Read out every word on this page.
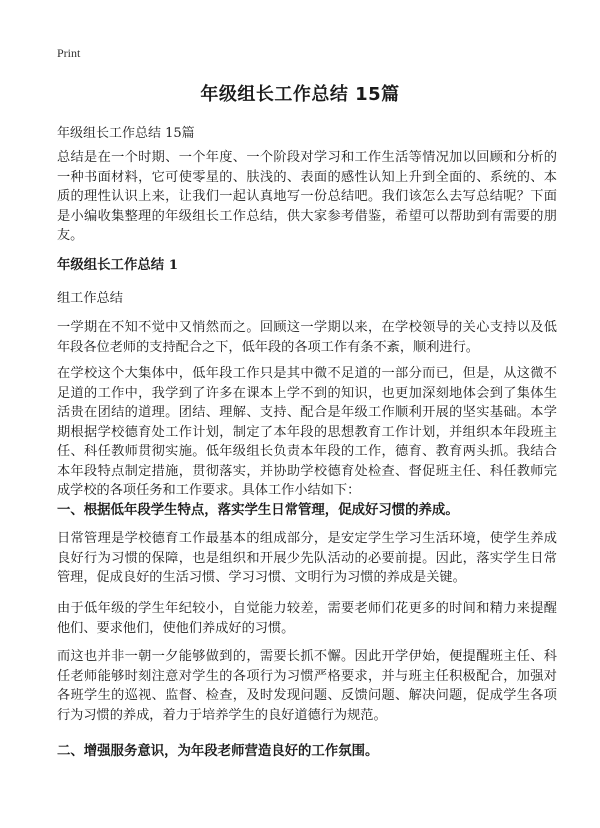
Print
年级组长工作总结 15篇
年级组长工作总结 15篇

总结是在一个时期、一个年度、一个阶段对学习和工作生活等情况加以回顾和分析的一种书面材料，它可使零星的、肤浅的、表面的感性认知上升到全面的、系统的、本质的理性认识上来，让我们一起认真地写一份总结吧。我们该怎么去写总结呢？下面是小编收集整理的年级组长工作总结，供大家参考借鉴，希望可以帮助到有需要的朋友。

年级组长工作总结 1
组工作总结

一学期在不知不觉中又悄然而之。回顾这一学期以来，在学校领导的关心支持以及低年段各位老师的支持配合之下，低年段的各项工作有条不紊，顺利进行。

在学校这个大集体中，低年段工作只是其中微不足道的一部分而已，但是，从这微不足道的工作中，我学到了许多在课本上学不到的知识，也更加深刻地体会到了集体生活贵在团结的道理。团结、理解、支持、配合是年级工作顺利开展的坚实基础。本学期根据学校德育处工作计划，制定了本年段的思想教育工作计划，并组织本年段班主任、科任教师贯彻实施。低年级组长负责本年段的工作，德育、教育两头抓。我结合本年段特点制定措施，贯彻落实，并协助学校德育处检查、督促班主任、科任教师完成学校的各项任务和工作要求。具体工作小结如下：

一、根据低年段学生特点，落实学生日常管理，促成好习惯的养成。

日常管理是学校德育工作最基本的组成部分，是安定学生学习生活环境，使学生养成良好行为习惯的保障，也是组织和开展少先队活动的必要前提。因此，落实学生日常管理，促成良好的生活习惯、学习习惯、文明行为习惯的养成是关键。

由于低年级的学生年纪较小，自觉能力较差，需要老师们花更多的时间和精力来提醒他们、要求他们，使他们养成好的习惯。

而这也并非一朝一夕能够做到的，需要长抓不懈。因此开学伊始，便提醒班主任、科任老师能够时刻注意对学生的各项行为习惯严格要求，并与班主任积极配合，加强对各班学生的巡视、监督、检查，及时发现问题、反馈问题、解决问题，促成学生各项行为习惯的养成，着力于培养学生的良好道德行为规范。

二、增强服务意识，为年段老师营造良好的工作氛围。
